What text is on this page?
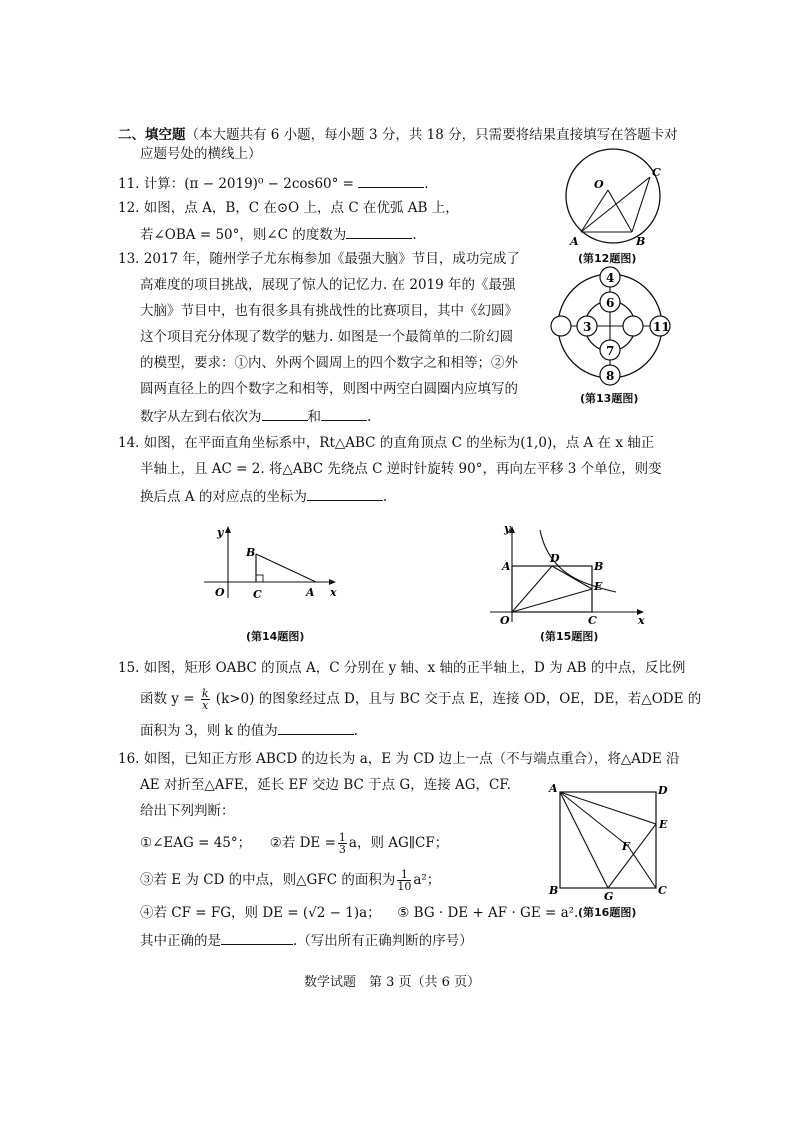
二、填空题（本大题共有 6 小题，每小题 3 分，共 18 分，只需要将结果直接填写在答题卡对
应题号处的横线上）
11. 计算：(π − 2019)⁰ − 2cos60° =	.
12. 如图，点 A，B，C 在⊙O 上，点 C 在优弧 AB 上，
若∠OBA = 50°，则∠C 的度数为	.
13. 2017 年，随州学子尤东梅参加《最强大脑》节目，成功完成了
高难度的项目挑战，展现了惊人的记忆力. 在 2019 年的《最强
大脑》节目中，也有很多具有挑战性的比赛项目，其中《幻圆》
这个项目充分体现了数学的魅力. 如图是一个最简单的二阶幻圆
的模型，要求：①内、外两个圆周上的四个数字之和相等；②外
圆两直径上的四个数字之和相等，则图中两空白圆圈内应填写的
数字从左到右依次为	和	.
14. 如图，在平面直角坐标系中，Rt△ABC 的直角顶点 C 的坐标为(1,0)，点 A 在 x 轴正
半轴上，且 AC = 2. 将△ABC 先绕点 C 逆时针旋转 90°，再向左平移 3 个单位，则变
换后点 A 的对应点的坐标为	.
15. 如图，矩形 OABC 的顶点 A，C 分别在 y 轴、x 轴的正半轴上，D 为 AB 的中点，反比例
函数 $y = \frac{k}{x} (k>0)$ 的图象经过点 D，且与 BC 交于点 E，连接 OD，OE，DE，若△ODE 的
面积为 3，则 k 的值为	.
16. 如图，已知正方形 ABCD 的边长为 a，E 为 CD 边上一点（不与端点重合），将△ADE 沿
AE 对折至△AFE，延长 EF 交边 BC 于点 G，连接 AG，CF.
给出下列判断：
①∠EAG = 45°； ②若 DE = $\frac{1}{3}$ a，则 AG∥CF；
③若 E 为 CD 的中点，则△GFC 的面积为 $\frac{1}{10} a^2$；
④若 CF = FG，则 DE = (√2 − 1)a； ⑤ BG · DE + AF · GE = a².
其中正确的是	.（写出所有正确判断的序号）
O
A	B
C
(第12题图)
4
6
3
7
8
11
(第13题图)
y
x
O
B
C	A
(第14题图)
y
x
O
A	B
C
D
E
(第15题图)
A	D
E
F
B	G	C
(第16题图)
数学试题　第 3 页（共 6 页）
